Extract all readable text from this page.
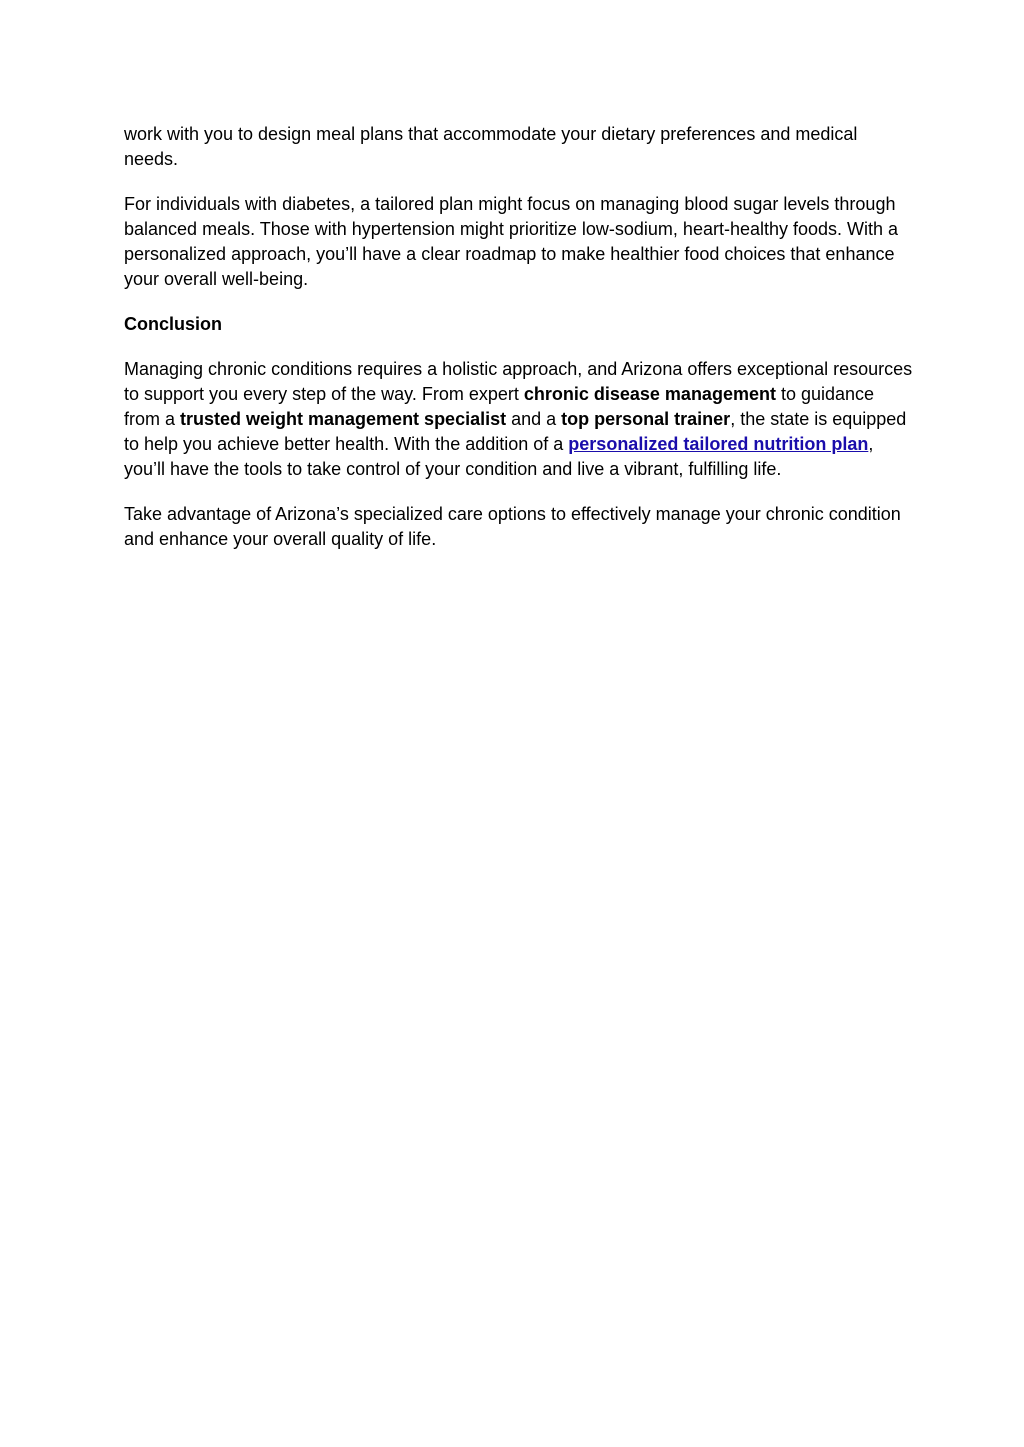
work with you to design meal plans that accommodate your dietary preferences and medical needs.

For individuals with diabetes, a tailored plan might focus on managing blood sugar levels through balanced meals. Those with hypertension might prioritize low-sodium, heart-healthy foods. With a personalized approach, you’ll have a clear roadmap to make healthier food choices that enhance your overall well-being.

Conclusion

Managing chronic conditions requires a holistic approach, and Arizona offers exceptional resources to support you every step of the way. From expert chronic disease management to guidance from a trusted weight management specialist and a top personal trainer, the state is equipped to help you achieve better health. With the addition of a personalized tailored nutrition plan, you’ll have the tools to take control of your condition and live a vibrant, fulfilling life.

Take advantage of Arizona’s specialized care options to effectively manage your chronic condition and enhance your overall quality of life.
